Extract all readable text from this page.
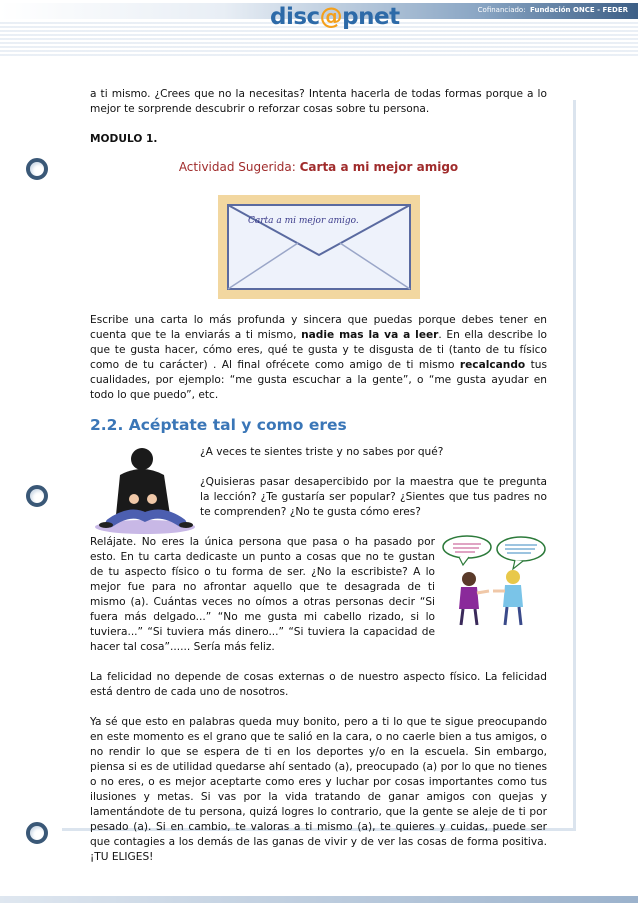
disc@pnet	Cofinanciado: Fundación ONCE - FEDER

a ti mismo. ¿Crees que no la necesitas? Intenta hacerla de todas formas porque a lo mejor te sorprende descubrir o reforzar cosas sobre tu persona.

MODULO 1.

Actividad Sugerida: Carta a mi mejor amigo

Carta a mi mejor amigo.

Escribe una carta lo más profunda y sincera que puedas porque debes tener en cuenta que te la enviarás a ti mismo, nadie mas la va a leer. En ella describe lo que te gusta hacer, cómo eres, qué te gusta y te disgusta de ti (tanto de tu físico como de tu carácter) . Al final ofrécete como amigo de ti mismo recalcando tus cualidades, por ejemplo: “me gusta escuchar a la gente”, o “me gusta ayudar en todo lo que puedo”, etc.

2.2. Acéptate tal y como eres

¿A veces te sientes triste y no sabes por qué?

¿Quisieras pasar desapercibido por la maestra que te pregunta la lección? ¿Te gustaría ser popular? ¿Sientes que tus padres no te comprenden? ¿No te gusta cómo eres?

Relájate. No eres la única persona que pasa o ha pasado por esto. En tu carta dedicaste un punto a cosas que no te gustan de tu aspecto físico o tu forma de ser. ¿No la escribiste? A lo mejor fue para no afrontar aquello que te desagrada de ti mismo (a). Cuántas veces no oímos a otras personas decir “Si fuera más delgado...” “No me gusta mi cabello rizado, si lo tuviera...” “Si tuviera más dinero...” “Si tuviera la capacidad de hacer tal cosa”...... Sería más feliz.

La felicidad no depende de cosas externas o de nuestro aspecto físico. La felicidad está dentro de cada uno de nosotros.

Ya sé que esto en palabras queda muy bonito, pero a ti lo que te sigue preocupando en este momento es el grano que te salió en la cara, o no caerle bien a tus amigos, o no rendir lo que se espera de ti en los deportes y/o en la escuela. Sin embargo, piensa si es de utilidad quedarse ahí sentado (a), preocupado (a) por lo que no tienes o no eres, o es mejor aceptarte como eres y luchar por cosas importantes como tus ilusiones y metas. Si vas por la vida tratando de ganar amigos con quejas y lamentándote de tu persona, quizá logres lo contrario, que la gente se aleje de ti por pesado (a). Si en cambio, te valoras a ti mismo (a), te quieres y cuidas, puede ser que contagies a los demás de las ganas de vivir y de ver las cosas de forma positiva. ¡TU ELIGES!
